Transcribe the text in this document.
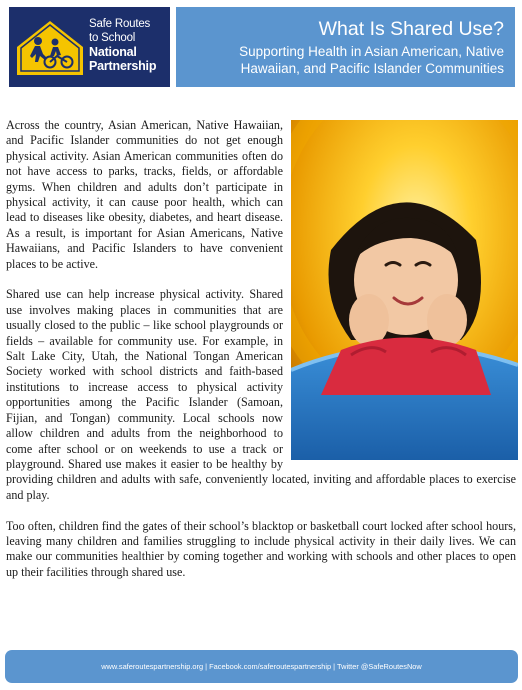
Safe Routes
to School
National
Partnership
What Is Shared Use?
Supporting Health in Asian American, Native Hawaiian, and Pacific Islander Communities

Across the country, Asian American, Native Hawaiian, and Pacific Islander communities do not get enough physical activity. Asian American communities often do not have access to parks, tracks, fields, or affordable gyms. When children and adults don’t participate in physical activity, it can cause poor health, which can lead to diseases like obesity, diabetes, and heart disease. As a result, is important for Asian Americans, Native Hawaiians, and Pacific Islanders to have convenient places to be active.

Shared use can help increase physical activity. Shared use involves making places in communities that are usually closed to the public – like school playgrounds or fields – available for community use. For example, in Salt Lake City, Utah, the National Tongan American Society worked with school districts and faith-based institutions to increase access to physical activity opportunities among the Pacific Islander (Samoan, Fijian, and Tongan) community. Local schools now allow children and adults from the neighborhood to come after school or on weekends to use a track or playground. Shared use makes it easier to be healthy by providing children and adults with safe, conveniently located, inviting and affordable places to exercise and play.

Too often, children find the gates of their school’s blacktop or basketball court locked after school hours, leaving many children and families struggling to include physical activity in their daily lives. We can make our communities healthier by coming together and working with schools and other places to open up their facilities through shared use.

www.saferoutespartnership.org | Facebook.com/saferoutespartnership | Twitter @SafeRoutesNow
